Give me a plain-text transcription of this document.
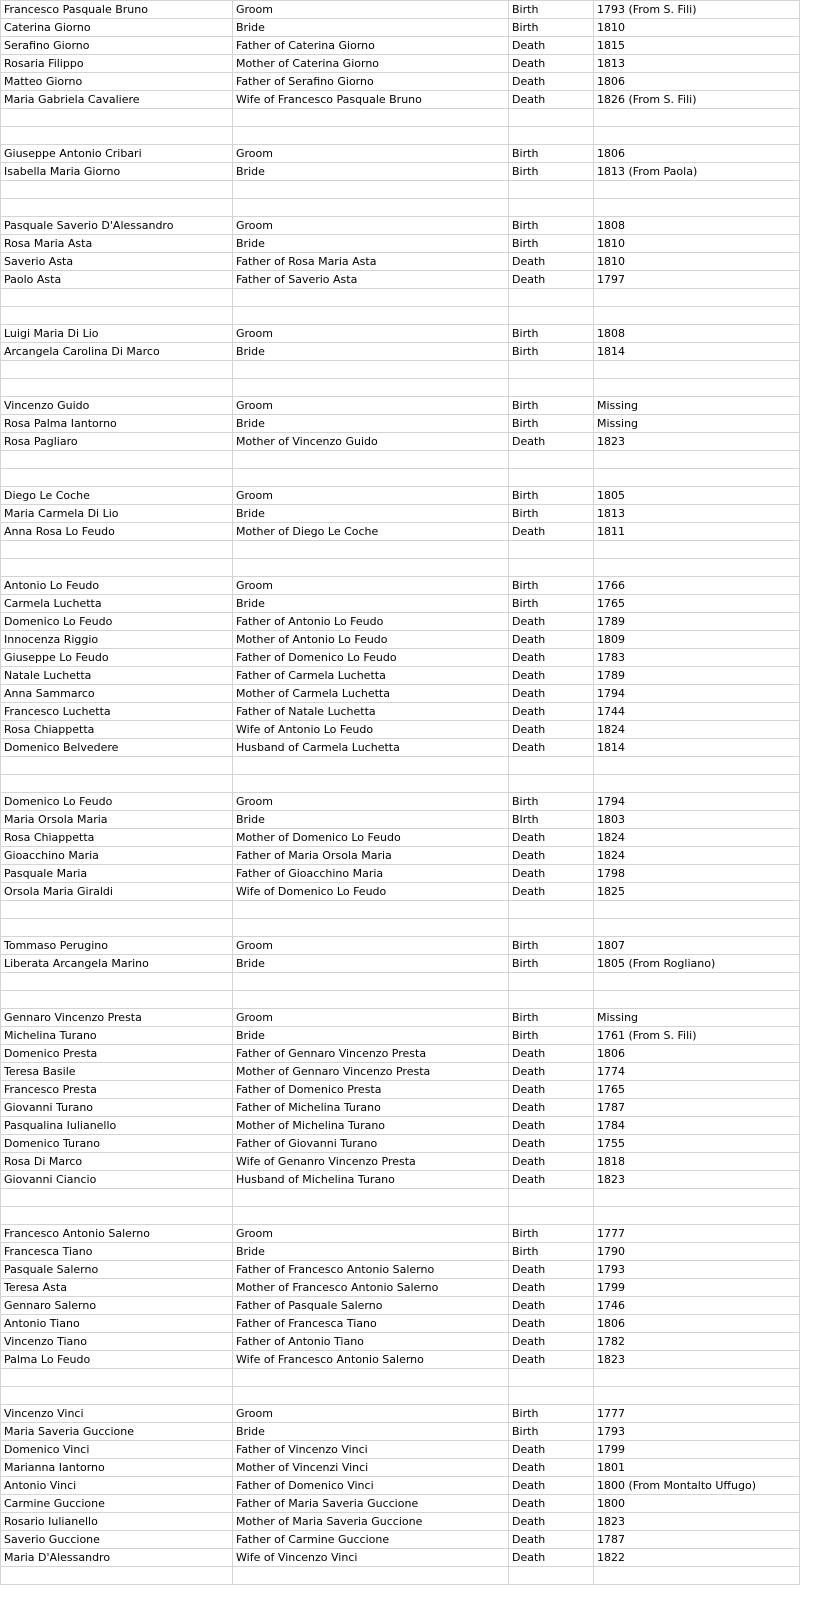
Francesco Pasquale Bruno	Groom	Birth	1793 (From S. Fili)
Caterina Giorno	Bride	Birth	1810
Serafino Giorno	Father of Caterina Giorno	Death	1815
Rosaria Filippo	Mother of Caterina Giorno	Death	1813
Matteo Giorno	Father of Serafino Giorno	Death	1806
Maria Gabriela Cavaliere	Wife of Francesco Pasquale Bruno	Death	1826 (From S. Fili)

Giuseppe Antonio Cribari	Groom	Birth	1806
Isabella Maria Giorno	Bride	Birth	1813 (From Paola)

Pasquale Saverio D'Alessandro	Groom	Birth	1808
Rosa Maria Asta	Bride	Birth	1810
Saverio Asta	Father of Rosa Maria Asta	Death	1810
Paolo Asta	Father of Saverio Asta	Death	1797

Luigi Maria Di Lio	Groom	Birth	1808
Arcangela Carolina Di Marco	Bride	Birth	1814

Vincenzo Guido	Groom	Birth	Missing
Rosa Palma Iantorno	Bride	Birth	Missing
Rosa Pagliaro	Mother of Vincenzo Guido	Death	1823

Diego Le Coche	Groom	Birth	1805
Maria Carmela Di Lio	Bride	Birth	1813
Anna Rosa Lo Feudo	Mother of Diego Le Coche	Death	1811

Antonio Lo Feudo	Groom	Birth	1766
Carmela Luchetta	Bride	Birth	1765
Domenico Lo Feudo	Father of Antonio Lo Feudo	Death	1789
Innocenza Riggio	Mother of Antonio Lo Feudo	Death	1809
Giuseppe Lo Feudo	Father of Domenico Lo Feudo	Death	1783
Natale Luchetta	Father of Carmela Luchetta	Death	1789
Anna Sammarco	Mother of Carmela Luchetta	Death	1794
Francesco Luchetta	Father of Natale Luchetta	Death	1744
Rosa Chiappetta	Wife of Antonio Lo Feudo	Death	1824
Domenico Belvedere	Husband of Carmela Luchetta	Death	1814

Domenico Lo Feudo	Groom	Birth	1794
Maria Orsola Maria	Bride	BIrth	1803
Rosa Chiappetta	Mother of Domenico Lo Feudo	Death	1824
Gioacchino Maria	Father of Maria Orsola Maria	Death	1824
Pasquale Maria	Father of Gioacchino Maria	Death	1798
Orsola Maria Giraldi	Wife of Domenico Lo Feudo	Death	1825

Tommaso Perugino	Groom	Birth	1807
Liberata Arcangela Marino	Bride	Birth	1805 (From Rogliano)

Gennaro Vincenzo Presta	Groom	Birth	Missing
Michelina Turano	Bride	Birth	1761 (From S. Fili)
Domenico Presta	Father of Gennaro Vincenzo Presta	Death	1806
Teresa Basile	Mother of Gennaro Vincenzo Presta	Death	1774
Francesco Presta	Father of Domenico Presta	Death	1765
Giovanni Turano	Father of Michelina Turano	Death	1787
Pasqualina Iulianello	Mother of Michelina Turano	Death	1784
Domenico Turano	Father of Giovanni Turano	Death	1755
Rosa Di Marco	Wife of Genanro Vincenzo Presta	Death	1818
Giovanni Ciancio	Husband of Michelina Turano	Death	1823

Francesco Antonio Salerno	Groom	Birth	1777
Francesca Tiano	Bride	Birth	1790
Pasquale Salerno	Father of Francesco Antonio Salerno	Death	1793
Teresa Asta	Mother of Francesco Antonio Salerno	Death	1799
Gennaro Salerno	Father of Pasquale Salerno	Death	1746
Antonio Tiano	Father of Francesca Tiano	Death	1806
Vincenzo Tiano	Father of Antonio Tiano	Death	1782
Palma Lo Feudo	Wife of Francesco Antonio Salerno	Death	1823

Vincenzo Vinci	Groom	Birth	1777
Maria Saveria Guccione	Bride	Birth	1793
Domenico Vinci	Father of Vincenzo Vinci	Death	1799
Marianna Iantorno	Mother of Vincenzi Vinci	Death	1801
Antonio Vinci	Father of Domenico Vinci	Death	1800 (From Montalto Uffugo)
Carmine Guccione	Father of Maria Saveria Guccione	Death	1800
Rosario Iulianello	Mother of Maria Saveria Guccione	Death	1823
Saverio Guccione	Father of Carmine Guccione	Death	1787
Maria D'Alessandro	Wife of Vincenzo Vinci	Death	1822
